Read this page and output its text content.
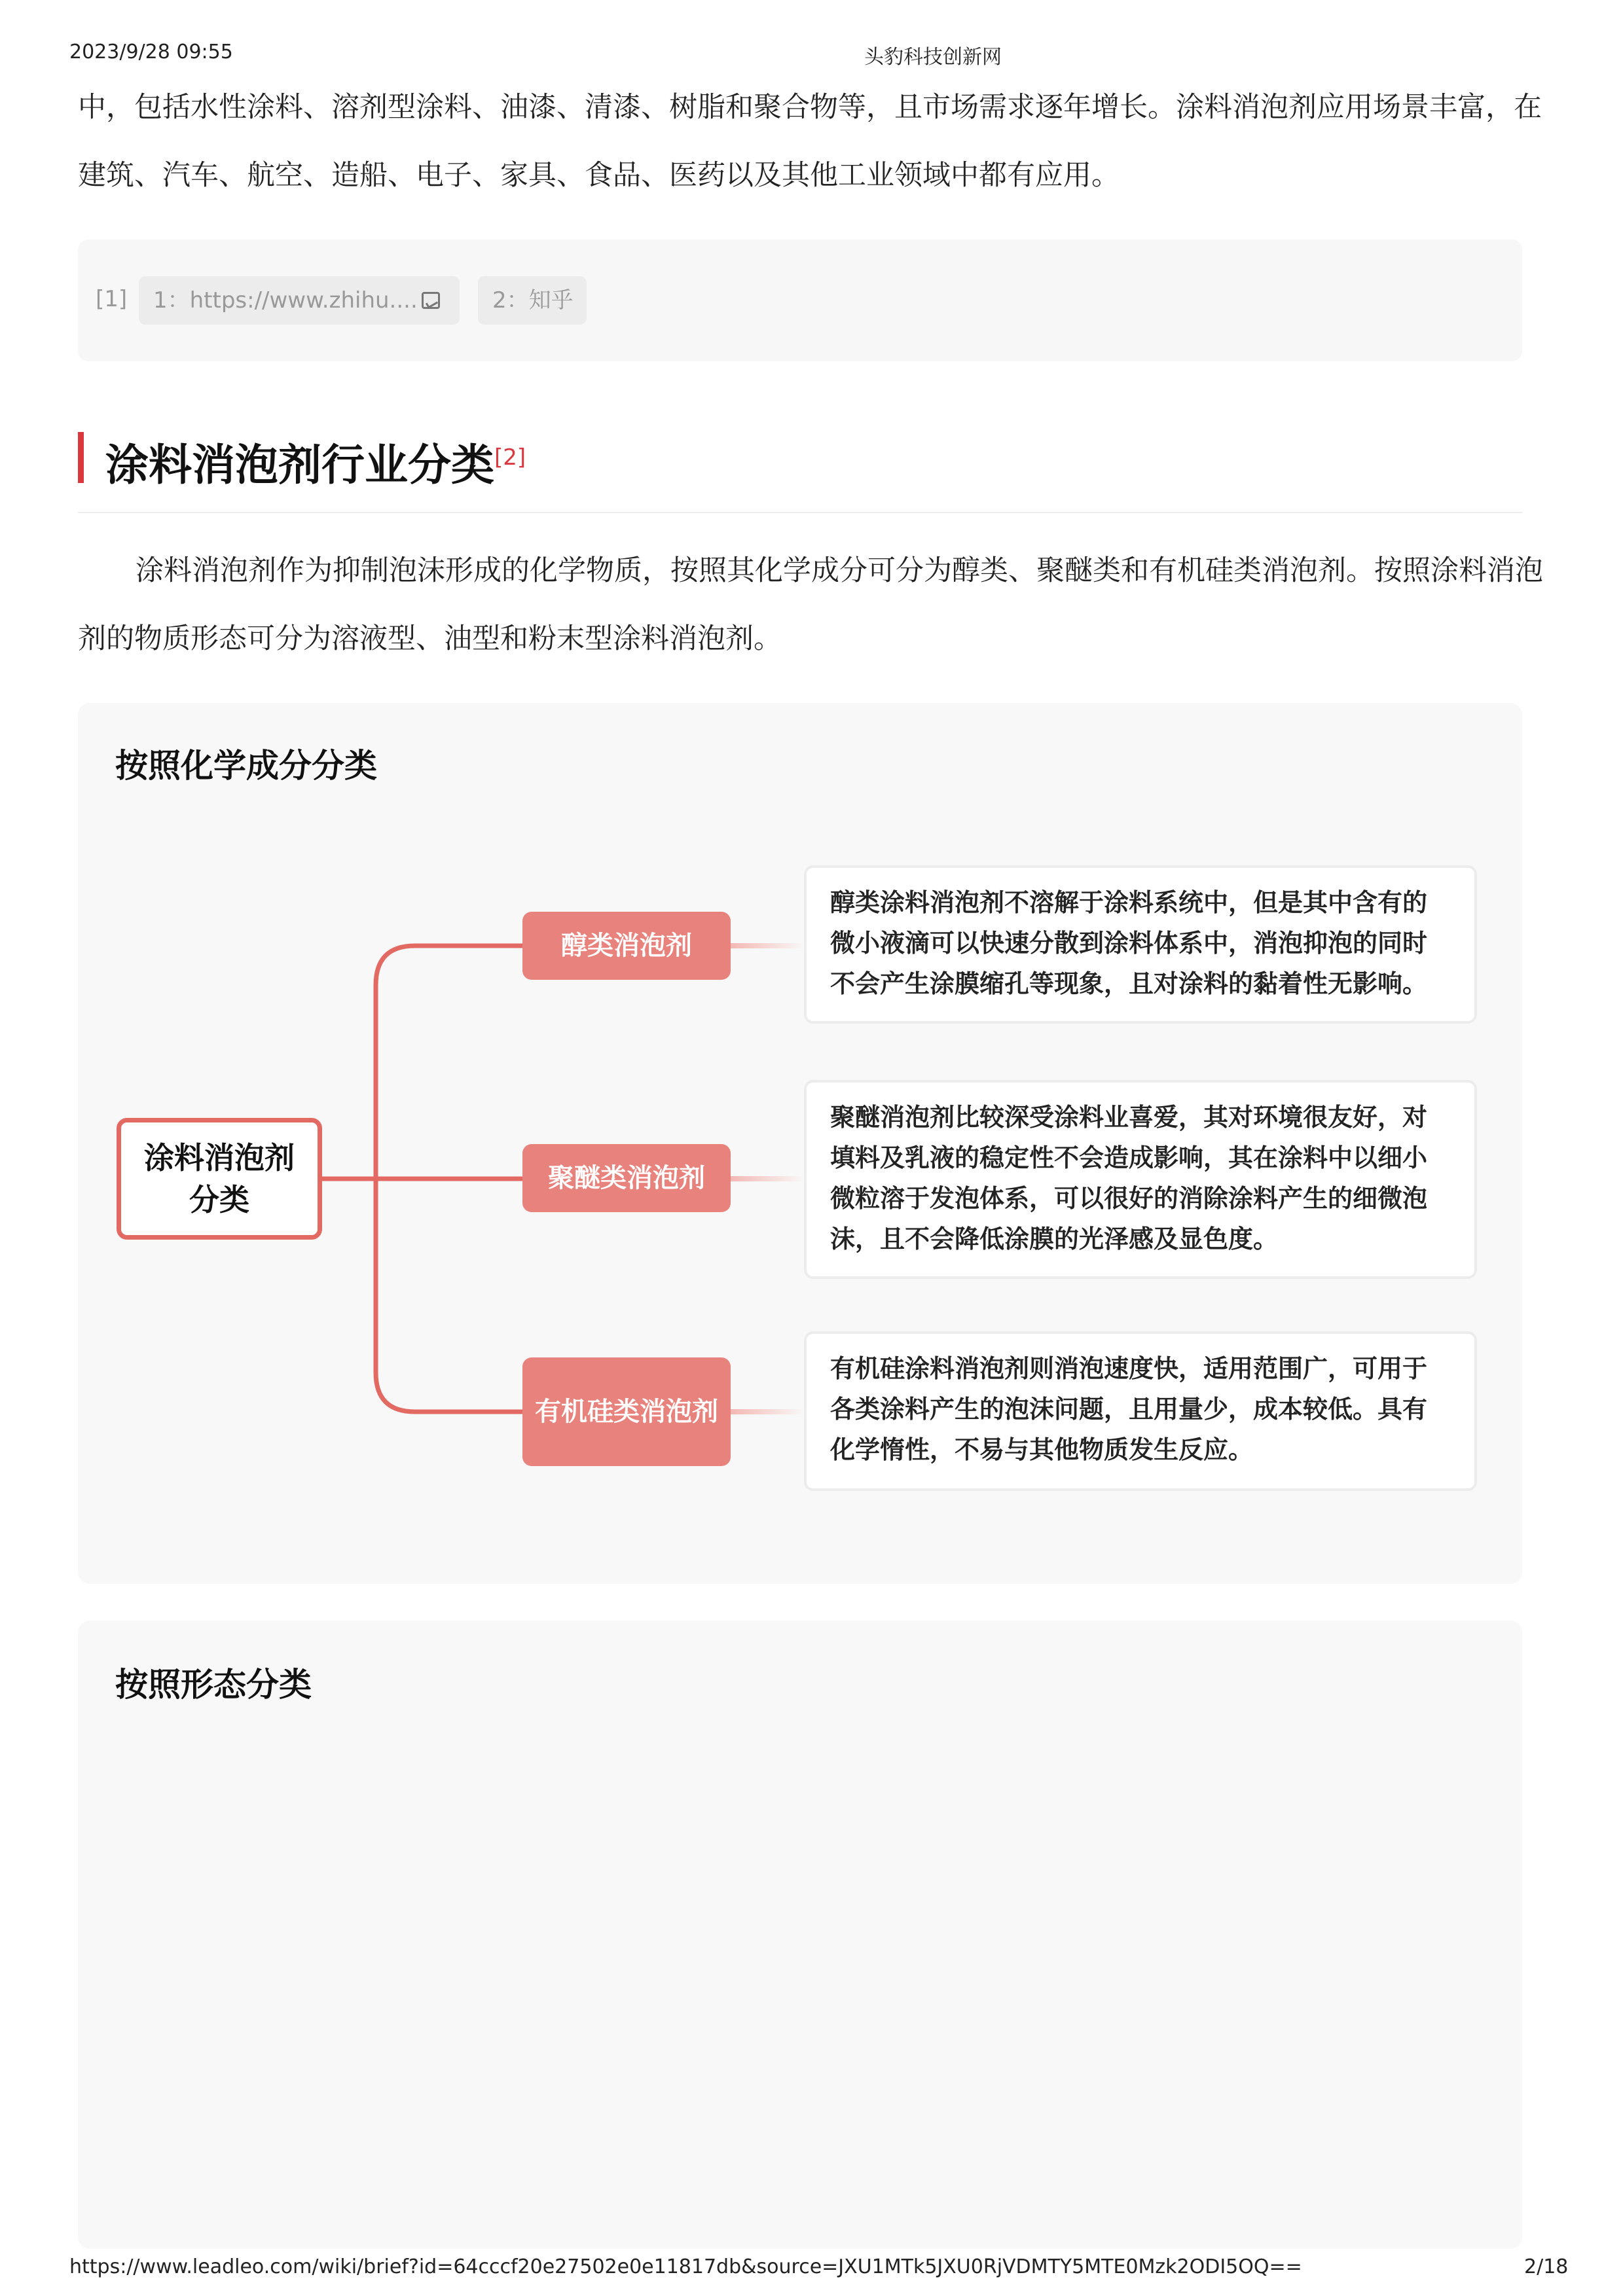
2023/9/28 09:55	头豹科技创新网
中，包括水性涂料、溶剂型涂料、油漆、清漆、树脂和聚合物等，且市场需求逐年增长。涂料消泡剂应用场景丰富，在建筑、汽车、航空、造船、电子、家具、食品、医药以及其他工业领域中都有应用。
[1]	1：https://www.zhihu....	2：知乎
涂料消泡剂行业分类[2]
涂料消泡剂作为抑制泡沫形成的化学物质，按照其化学成分可分为醇类、聚醚类和有机硅类消泡剂。按照涂料消泡剂的物质形态可分为溶液型、油型和粉末型涂料消泡剂。
按照化学成分分类
涂料消泡剂分类
醇类消泡剂
聚醚类消泡剂
有机硅类消泡剂
醇类涂料消泡剂不溶解于涂料系统中，但是其中含有的微小液滴可以快速分散到涂料体系中，消泡抑泡的同时不会产生涂膜缩孔等现象，且对涂料的黏着性无影响。
聚醚消泡剂比较深受涂料业喜爱，其对环境很友好，对填料及乳液的稳定性不会造成影响，其在涂料中以细小微粒溶于发泡体系，可以很好的消除涂料产生的细微泡沫，且不会降低涂膜的光泽感及显色度。
有机硅涂料消泡剂则消泡速度快，适用范围广，可用于各类涂料产生的泡沫问题，且用量少，成本较低。具有化学惰性，不易与其他物质发生反应。
按照形态分类
https://www.leadleo.com/wiki/brief?id=64cccf20e27502e0e11817db&source=JXU1MTk5JXU0RjVDMTY5MTE0Mzk2ODI5OQ==	2/18
